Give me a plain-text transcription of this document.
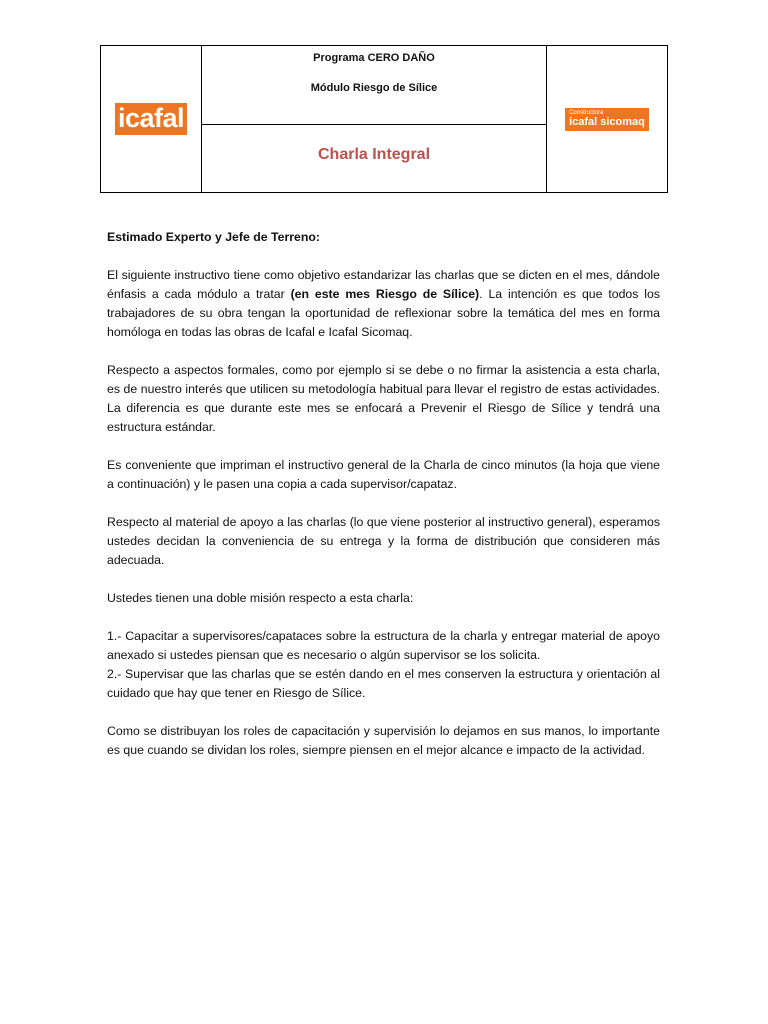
icafal	
Programa CERO DAÑO
Módulo Riesgo de Sílice

Constructora
icafal sicomaq

Charla Integral

Estimado Experto y Jefe de Terreno:

El siguiente instructivo tiene como objetivo estandarizar las charlas que se dicten en el mes, dándole énfasis a cada módulo a tratar (en este mes Riesgo de Sílice). La intención es que todos los trabajadores de su obra tengan la oportunidad de reflexionar sobre la temática del mes en forma homóloga en todas las obras de Icafal e Icafal Sicomaq.

Respecto a aspectos formales, como por ejemplo si se debe o no firmar la asistencia a esta charla, es de nuestro interés que utilicen su metodología habitual para llevar el registro de estas actividades. La diferencia es que durante este mes se enfocará a Prevenir el Riesgo de Sílice y tendrá una estructura estándar.

Es conveniente que impriman el instructivo general de la Charla de cinco minutos (la hoja que viene a continuación) y le pasen una copia a cada supervisor/capataz.

Respecto al material de apoyo a las charlas (lo que viene posterior al instructivo general), esperamos ustedes decidan la conveniencia de su entrega y la forma de distribución que consideren más adecuada.

Ustedes tienen una doble misión respecto a esta charla:

1.- Capacitar a supervisores/capataces sobre la estructura de la charla y entregar material de apoyo anexado si ustedes piensan que es necesario o algún supervisor se los solicita.

2.- Supervisar que las charlas que se estén dando en el mes conserven la estructura y orientación al cuidado que hay que tener en Riesgo de Sílice.

Como se distribuyan los roles de capacitación y supervisión lo dejamos en sus manos, lo importante es que cuando se dividan los roles, siempre piensen en el mejor alcance e impacto de la actividad.
